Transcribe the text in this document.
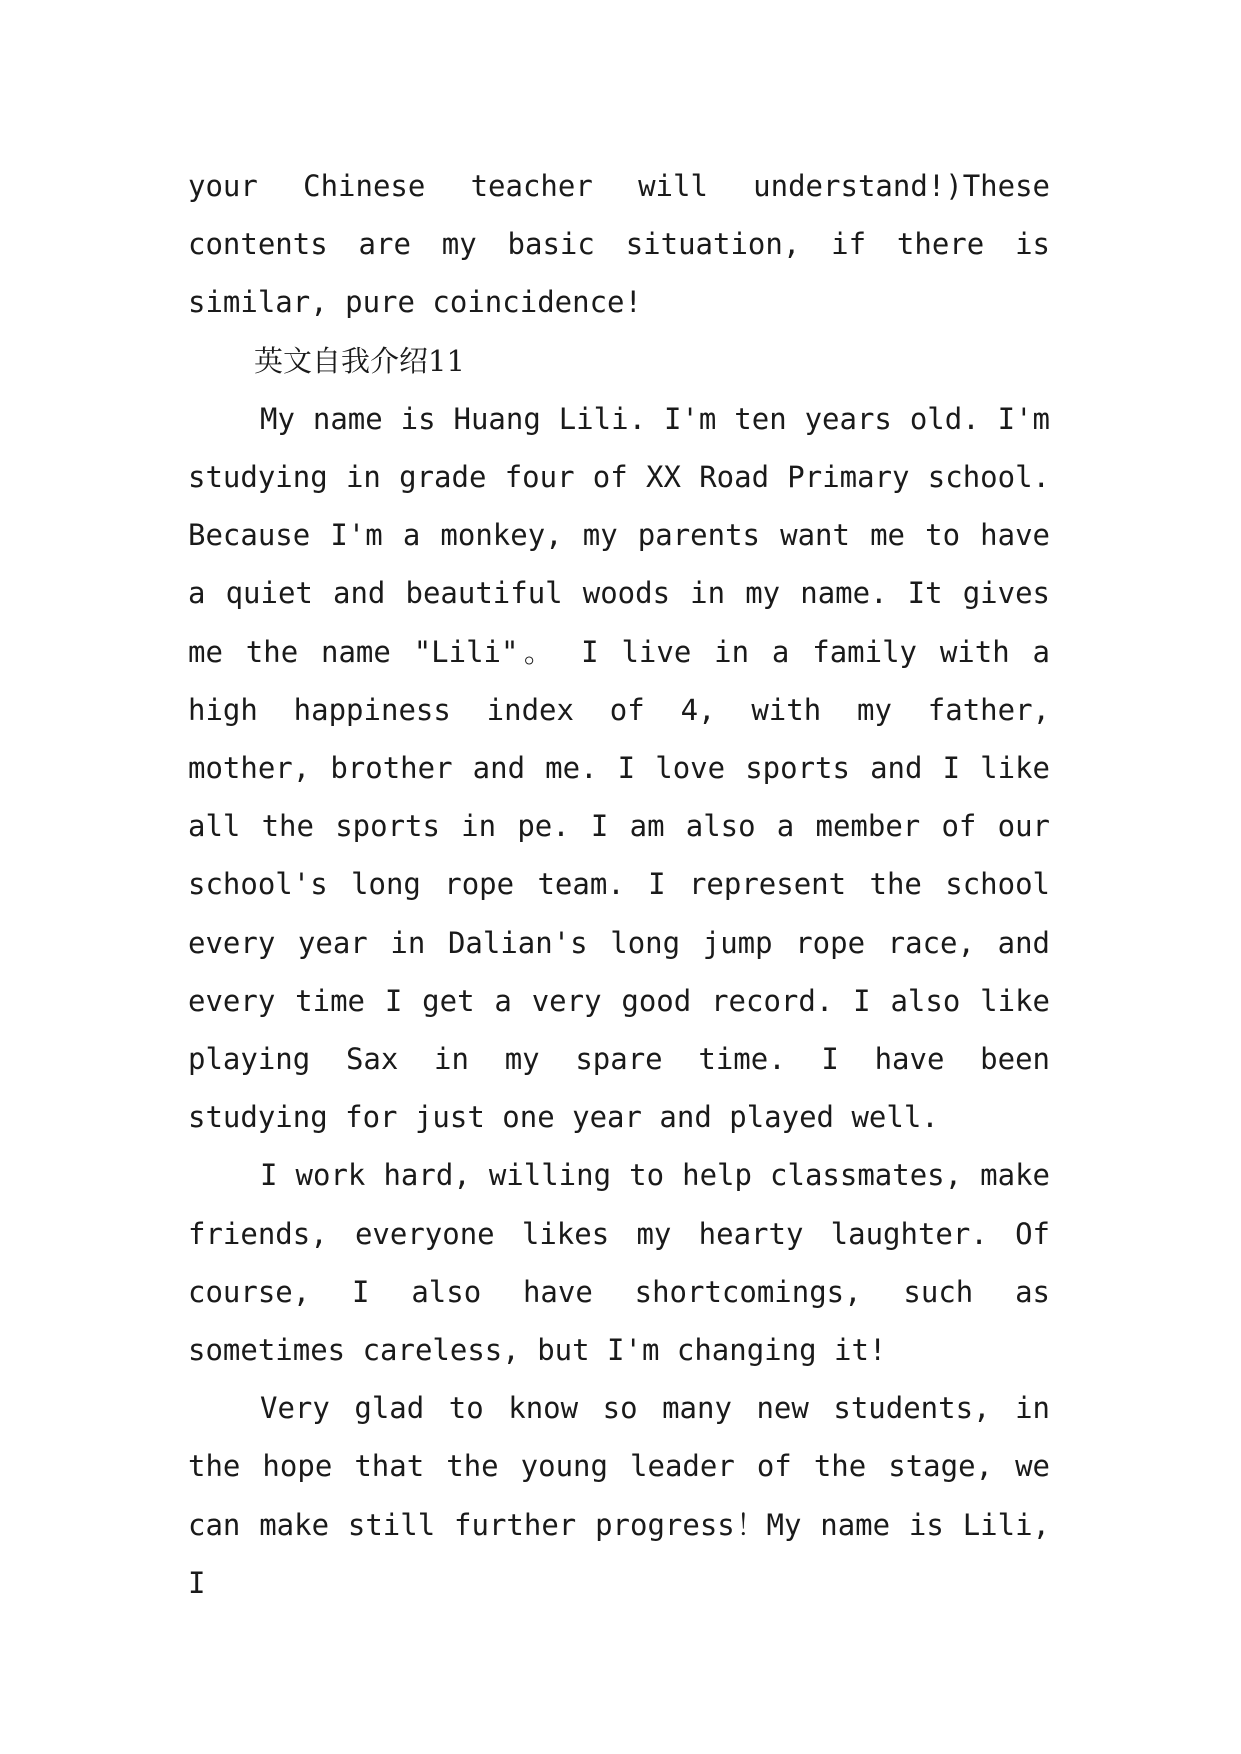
your Chinese teacher will understand!)These contents are my basic situation, if there is similar, pure coincidence!

英文自我介绍11

My name is Huang Lili. I'm ten years old. I'm studying in grade four of XX Road Primary school. Because I'm a monkey, my parents want me to have a quiet and beautiful woods in my name. It gives me the name "Lili"。 I live in a family with a high happiness index of 4, with my father, mother, brother and me. I love sports and I like all the sports in pe. I am also a member of our school's long rope team. I represent the school every year in Dalian's long jump rope race, and every time I get a very good record. I also like playing Sax in my spare time. I have been studying for just one year and played well.

I work hard, willing to help classmates, make friends, everyone likes my hearty laughter. Of course, I also have shortcomings, such as sometimes careless, but I'm changing it!

Very glad to know so many new students, in the hope that the young leader of the stage, we can make still further progress！My name is Lili, I
